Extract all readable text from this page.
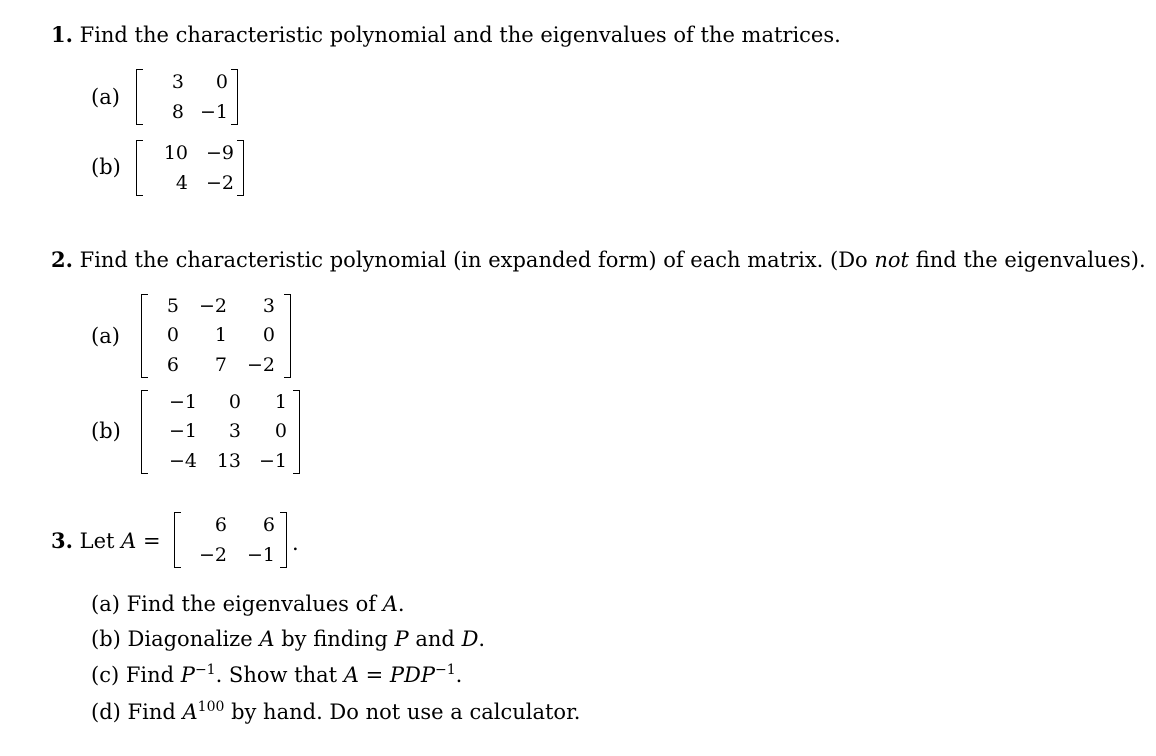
1. Find the characteristic polynomial and the eigenvalues of the matrices.
(a)
3	0
8 −1
(b)
10 −9
4 −2
2. Find the characteristic polynomial (in expanded form) of each matrix. (Do not find the eigenvalues).
(a)
5	−2	3
0	1	0
6	7	−2
(b)
−1	0	1
−1	3	0
−4	13 −1
3. Let A =
6	6
−2	−1 .
(a) Find the eigenvalues of A.
(b) Diagonalize A by finding P and D.
(c) Find $P^{-1}$. Show that $A = PDP^{-1}$.
(d) Find $A^{100}$ by hand. Do not use a calculator.
